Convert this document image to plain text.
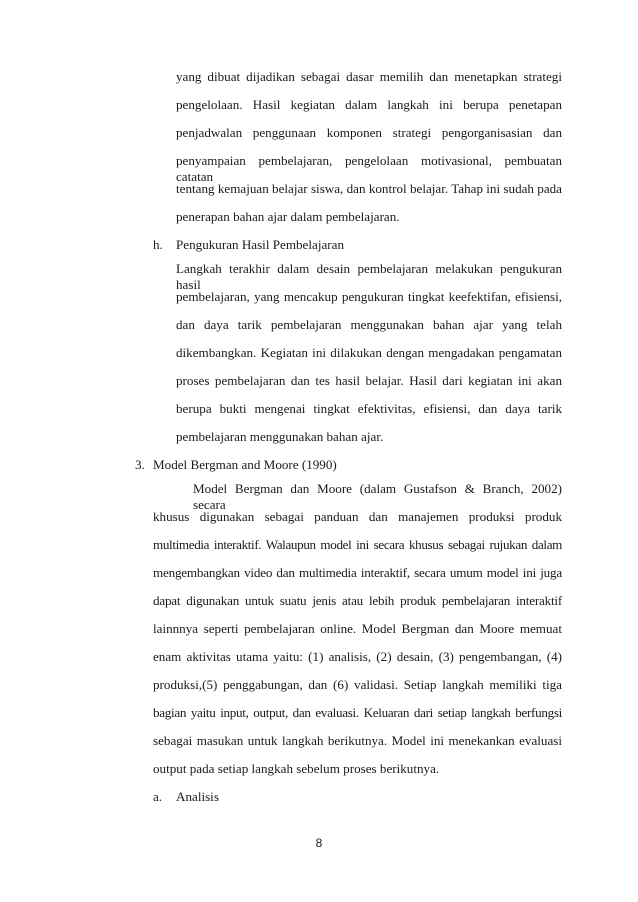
yang dibuat dijadikan sebagai dasar memilih dan menetapkan strategi
pengelolaan. Hasil kegiatan dalam langkah ini berupa penetapan
penjadwalan penggunaan komponen strategi pengorganisasian dan
penyampaian pembelajaran, pengelolaan motivasional, pembuatan catatan
tentang kemajuan belajar siswa, dan kontrol belajar. Tahap ini sudah pada
penerapan bahan ajar dalam pembelajaran.
h. Pengukuran Hasil Pembelajaran
Langkah terakhir dalam desain pembelajaran melakukan pengukuran hasil
pembelajaran, yang mencakup pengukuran tingkat keefektifan, efisiensi,
dan daya tarik pembelajaran menggunakan bahan ajar yang telah
dikembangkan. Kegiatan ini dilakukan dengan mengadakan pengamatan
proses pembelajaran dan tes hasil belajar. Hasil dari kegiatan ini akan
berupa bukti mengenai tingkat efektivitas, efisiensi, dan daya tarik
pembelajaran menggunakan bahan ajar.
3. Model Bergman and Moore (1990)
Model Bergman dan Moore (dalam Gustafson & Branch, 2002) secara
khusus digunakan sebagai panduan dan manajemen produksi produk
multimedia interaktif. Walaupun model ini secara khusus sebagai rujukan dalam
mengembangkan video dan multimedia interaktif, secara umum model ini juga
dapat digunakan untuk suatu jenis atau lebih produk pembelajaran interaktif
lainnnya seperti pembelajaran online. Model Bergman dan Moore memuat
enam aktivitas utama yaitu: (1) analisis, (2) desain, (3) pengembangan, (4)
produksi,(5) penggabungan, dan (6) validasi. Setiap langkah memiliki tiga
bagian yaitu input, output, dan evaluasi. Keluaran dari setiap langkah berfungsi
sebagai masukan untuk langkah berikutnya. Model ini menekankan evaluasi
output pada setiap langkah sebelum proses berikutnya.
a. Analisis
8
